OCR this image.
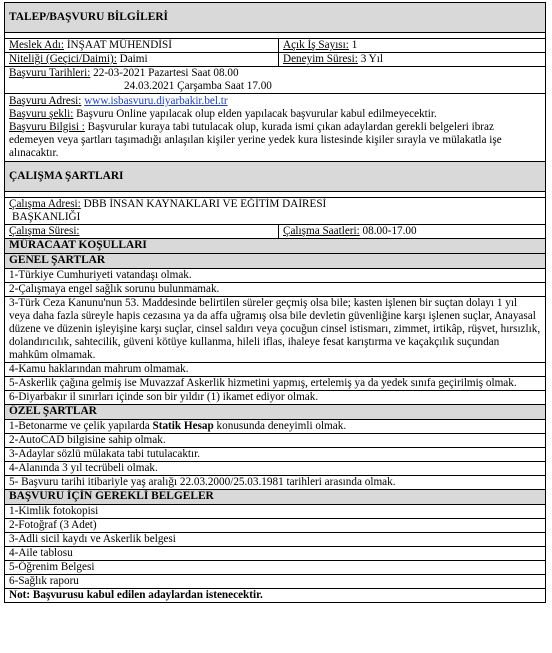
TALEP/BAŞVURU BİLGİLERİ	

Meslek Adı: İNŞAAT MÜHENDİSİ	Açık İş Sayısı: 1
Niteliği (Geçici/Daimi): Daimi	Deneyim Süresi: 3 Yıl

Başvuru Tarihleri: 22-03-2021 Pazartesi Saat 08.00
24.03.2021 Çarşamba Saat 17.00	

Başvuru Adresi: www.isbasvuru.diyarbakir.bel.tr
Başvuru şekli: Başvuru Online yapılacak olup elden yapılacak başvurular kabul edilmeyecektir.
Başvuru Bilgisi : Başvurular kuraya tabi tutulacak olup, kurada ismi çıkan adaylardan gerekli belgeleri ibraz edemeyen veya şartları taşımadığı anlaşılan kişiler yerine yedek kura listesinde kişiler sırayla ve mülakatla işe alınacaktır.	

ÇALIŞMA ŞARTLARI	

Çalışma Adresi: DBB İNSAN KAYNAKLARI VE EĞİTİM DAİRESİ
BAŞKANLIĞI	

Çalışma Süresi:	Çalışma Saatleri: 08.00-17.00
MÜRACAAT KOŞULLARI	
GENEL ŞARTLAR	
1-Türkiye Cumhuriyeti vatandaşı olmak.	
2-Çalışmaya engel sağlık sorunu bulunmamak.	
3-Türk Ceza Kanunu'nun 53. Maddesinde belirtilen süreler geçmiş olsa bile; kasten işlenen bir suçtan dolayı 1 yıl veya daha fazla süreyle hapis cezasına ya da affa uğramış olsa bile devletin güvenliğine karşı işlenen suçlar, Anayasal düzene ve düzenin işleyişine karşı suçlar, cinsel saldırı veya çocuğun cinsel istismarı, zimmet, irtikâp, rüşvet, hırsızlık, dolandırıcılık, sahtecilik, güveni kötüye kullanma, hileli iflas, ihaleye fesat karıştırma ve kaçakçılık suçundan mahkûm olmamak.	
4-Kamu haklarından mahrum olmamak.	
5-Askerlik çağına gelmiş ise Muvazzaf Askerlik hizmetini yapmış, ertelemiş ya da yedek sınıfa geçirilmiş olmak.	
6-Diyarbakır il sınırları içinde son bir yıldır (1) ikamet ediyor olmak.	
ÖZEL ŞARTLAR	
1-Betonarme ve çelik yapılarda Statik Hesap konusunda deneyimli olmak.	
2-AutoCAD bilgisine sahip olmak.	
3-Adaylar sözlü mülakata tabi tutulacaktır.	
4-Alanında 3 yıl tecrübeli olmak.	
5- Başvuru tarihi itibariyle yaş aralığı 22.03.2000/25.03.1981 tarihleri arasında olmak.	
BAŞVURU İÇİN GEREKLİ BELGELER	
1-Kimlik fotokopisi	
2-Fotoğraf (3 Adet)	
3-Adli sicil kaydı ve Askerlik belgesi	
4-Aile tablosu	
5-Öğrenim Belgesi	
6-Sağlık raporu	
Not: Başvurusu kabul edilen adaylardan istenecektir.	
